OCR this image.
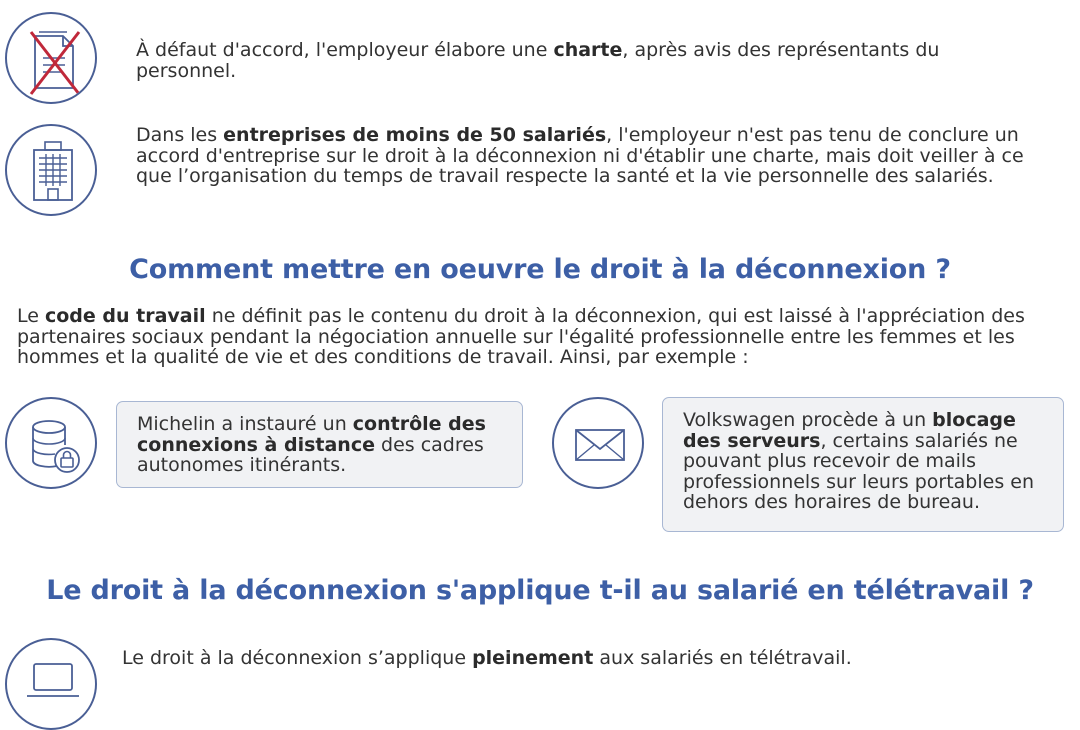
À défaut d'accord, l'employeur élabore une charte, après avis des représentants du personnel.

Dans les entreprises de moins de 50 salariés, l'employeur n'est pas tenu de conclure un accord d'entreprise sur le droit à la déconnexion ni d'établir une charte, mais doit veiller à ce que l’organisation du temps de travail respecte la santé et la vie personnelle des salariés.

Comment mettre en oeuvre le droit à la déconnexion ?

Le code du travail ne définit pas le contenu du droit à la déconnexion, qui est laissé à l'appréciation des partenaires sociaux pendant la négociation annuelle sur l'égalité professionnelle entre les femmes et les hommes et la qualité de vie et des conditions de travail. Ainsi, par exemple :

Michelin a instauré un contrôle des connexions à distance des cadres autonomes itinérants.

Volkswagen procède à un blocage des serveurs, certains salariés ne pouvant plus recevoir de mails professionnels sur leurs portables en dehors des horaires de bureau.

Le droit à la déconnexion s'applique t-il au salarié en télétravail ?

Le droit à la déconnexion s’applique pleinement aux salariés en télétravail.
